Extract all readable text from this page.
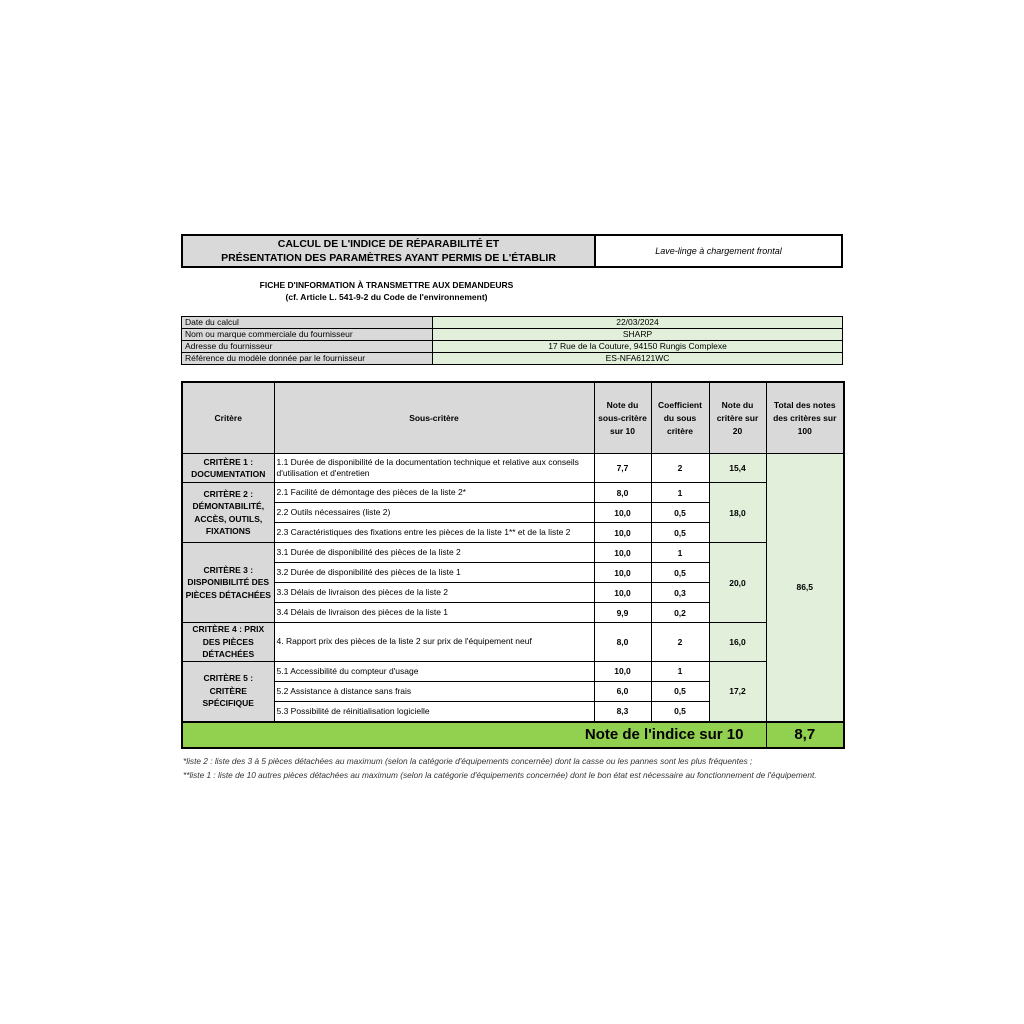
CALCUL DE L'INDICE DE RÉPARABILITÉ ET
PRÉSENTATION DES PARAMÈTRES AYANT PERMIS DE L'ÉTABLIR
Lave-linge à chargement frontal
FICHE D'INFORMATION À TRANSMETTRE AUX DEMANDEURS
(cf. Article L. 541-9-2 du Code de l'environnement)
Date du calcul	22/03/2024
Nom ou marque commerciale du fournisseur	SHARP
Adresse du fournisseur	17 Rue de la Couture, 94150 Rungis Complexe
Référence du modèle donnée par le fournisseur	ES-NFA6121WC
Critère	Sous-critère	Note du sous-critère sur 10	Coefficient du sous critère	Note du critère sur 20	Total des notes des critères sur 100
CRITÈRE 1 : DOCUMENTATION	1.1 Durée de disponibilité de la documentation technique et relative aux conseils d'utilisation et d'entretien	7,7	2	15,4	86,5
CRITÈRE 2 : DÉMONTABILITÉ, ACCÈS, OUTILS, FIXATIONS	2.1 Facilité de démontage des pièces de la liste 2*	8,0	1	18,0	
	2.2 Outils nécessaires (liste 2)	10,0	0,5		
	2.3 Caractéristiques des fixations entre les pièces de la liste 1** et de la liste 2	10,0	0,5		
CRITÈRE 3 : DISPONIBILITÉ DES PIÈCES DÉTACHÉES	3.1 Durée de disponibilité des pièces de la liste 2	10,0	1	20,0	
	3.2 Durée de disponibilité des pièces de la liste 1	10,0	0,5		
	3.3 Délais de livraison des pièces de la liste 2	10,0	0,3		
	3.4 Délais de livraison des pièces de la liste 1	9,9	0,2		
CRITÈRE 4 : PRIX DES PIÈCES DÉTACHÉES	4. Rapport prix des pièces de la liste 2 sur prix de l'équipement neuf	8,0	2	16,0	
CRITÈRE 5 : CRITÈRE SPÉCIFIQUE	5.1 Accessibilité du compteur d'usage	10,0	1	17,2	
	5.2 Assistance à distance sans frais	6,0	0,5		
	5.3 Possibilité de réinitialisation logicielle	8,3	0,5		
Note de l'indice sur 10					8,7
*liste 2 : liste des 3 à 5 pièces détachées au maximum (selon la catégorie d'équipements concernée) dont la casse ou les pannes sont les plus fréquentes ;
**liste 1 : liste de 10 autres pièces détachées au maximum (selon la catégorie d'équipements concernée) dont le bon état est nécessaire au fonctionnement de l'équipement.
